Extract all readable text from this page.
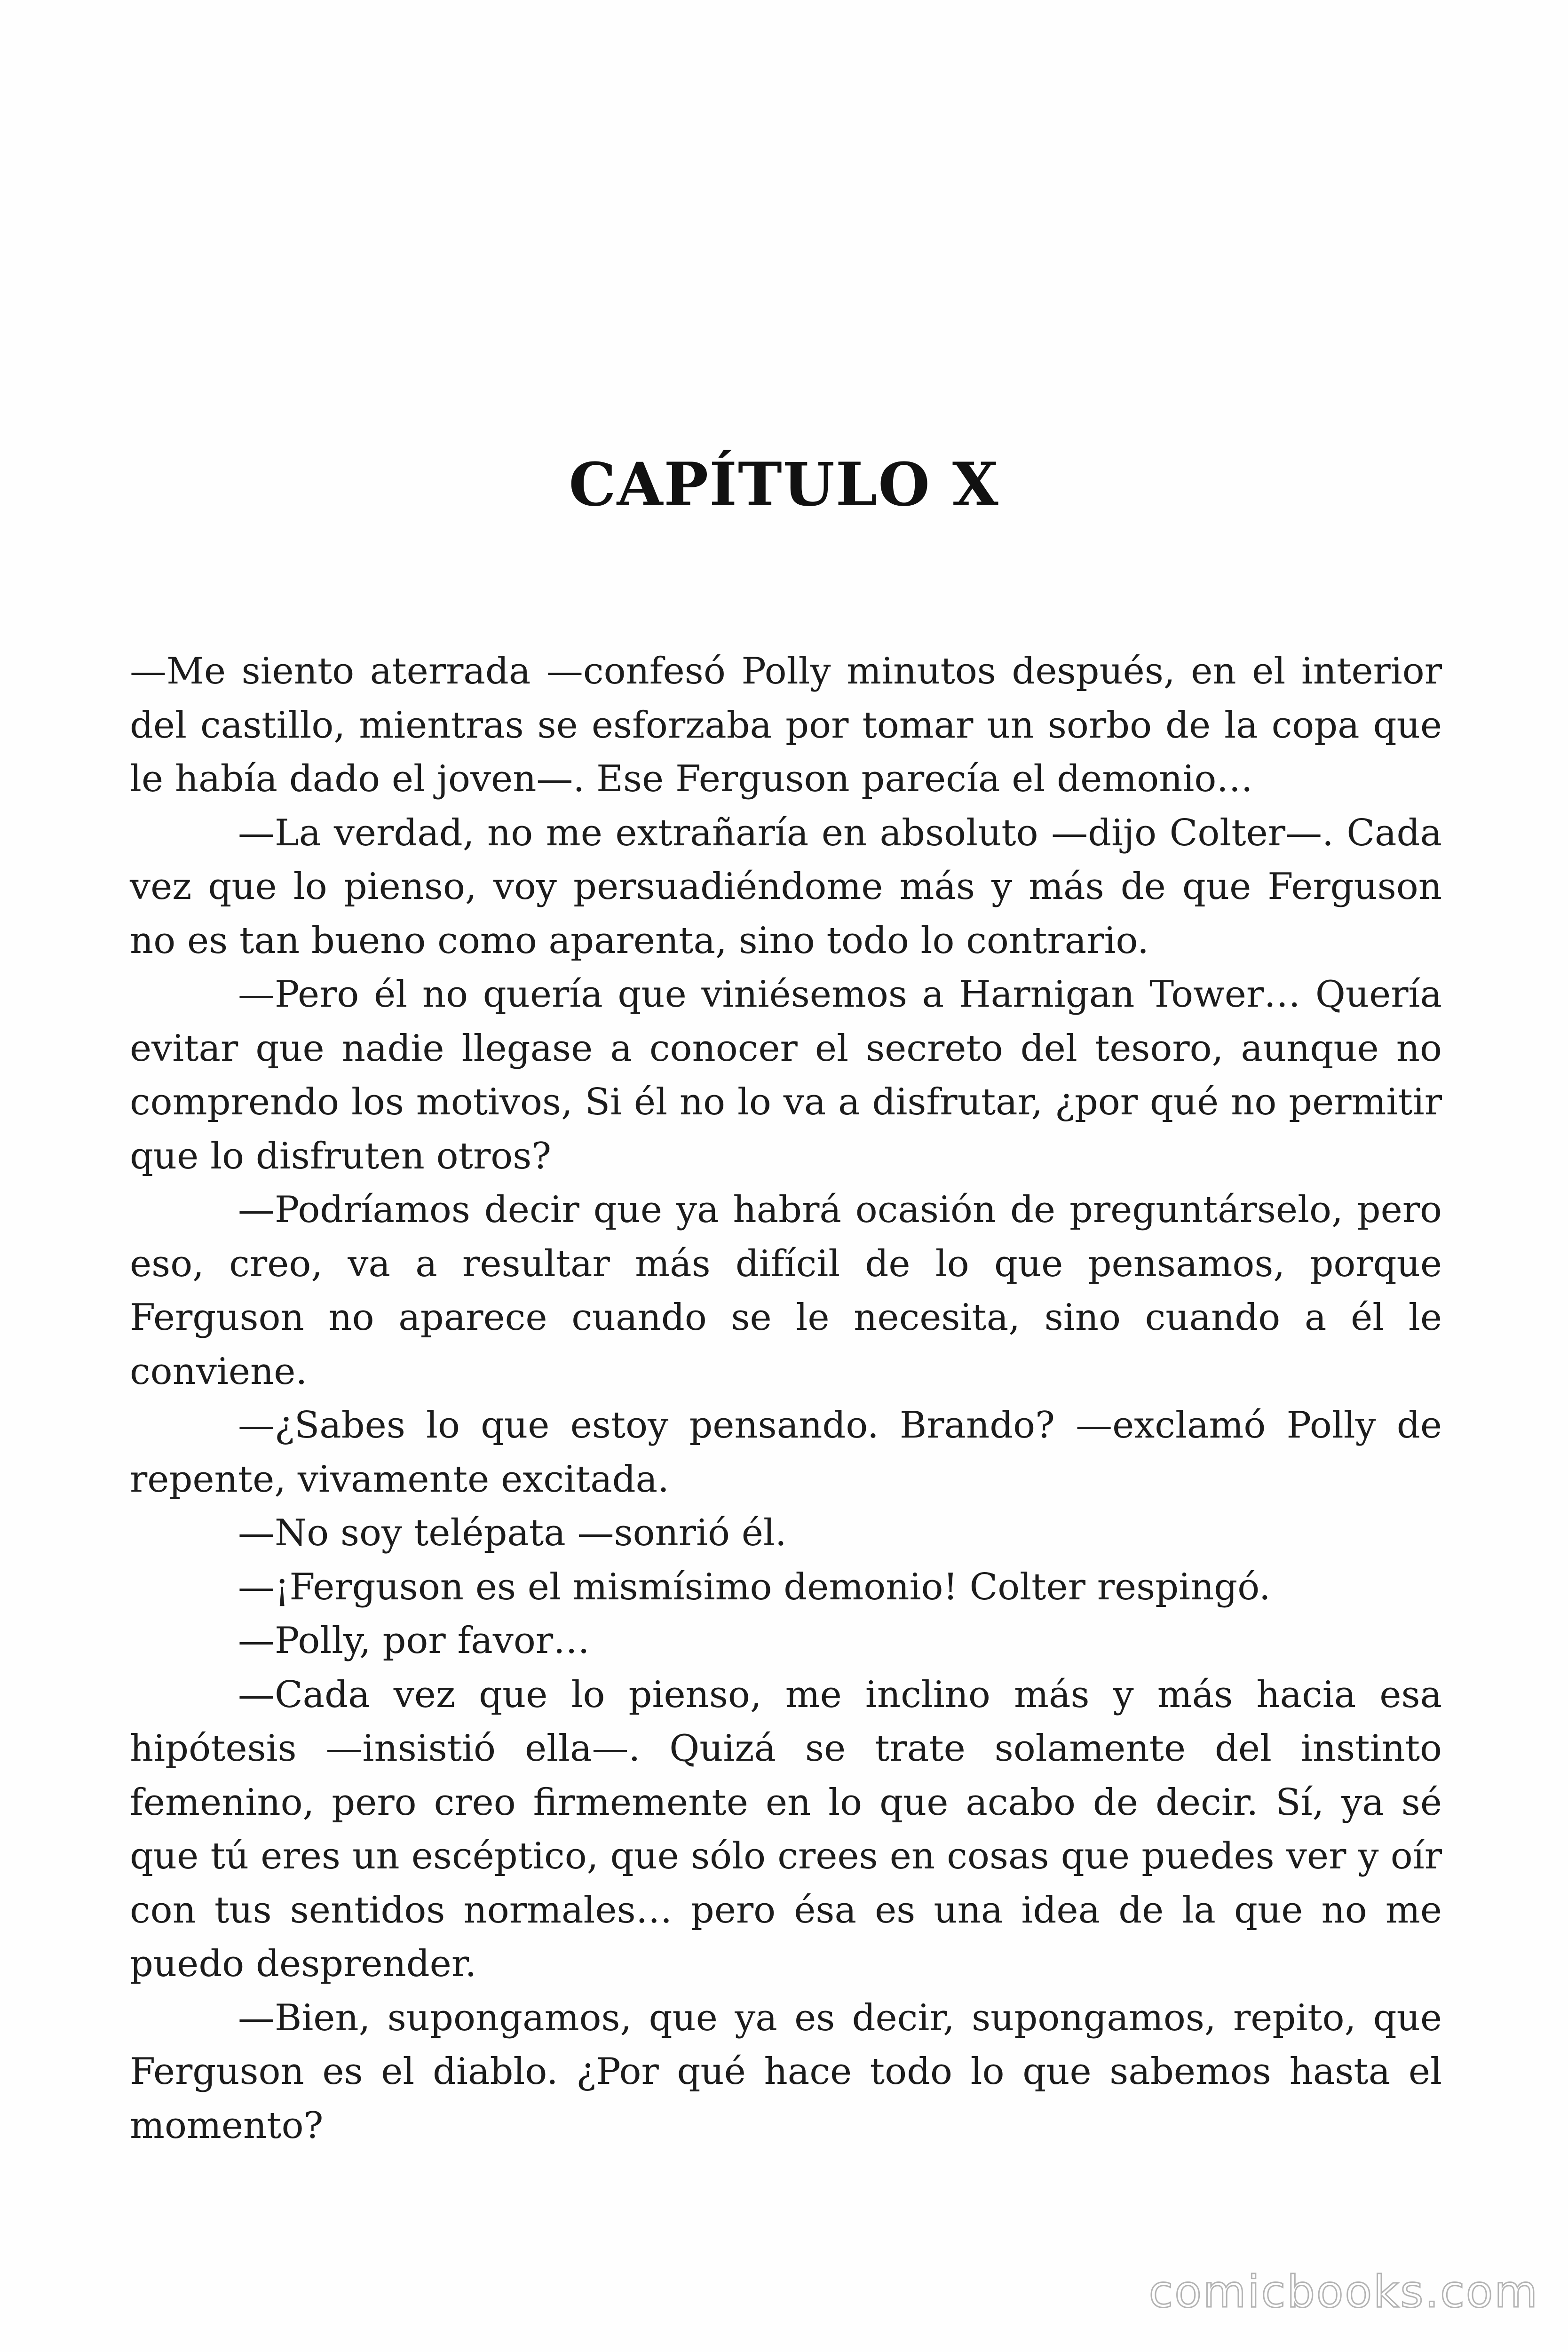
CAPÍTULO X

—Me siento aterrada —confesó Polly minutos después, en el interior del castillo, mientras se esforzaba por tomar un sorbo de la copa que le había dado el joven—. Ese Ferguson parecía el demonio…

—La verdad, no me extrañaría en absoluto —dijo Colter—. Cada vez que lo pienso, voy persuadiéndome más y más de que Ferguson no es tan bueno como aparenta, sino todo lo contrario.

—Pero él no quería que viniésemos a Harnigan Tower… Quería evitar que nadie llegase a conocer el secreto del tesoro, aunque no comprendo los motivos, Si él no lo va a disfrutar, ¿por qué no permitir que lo disfruten otros?

—Podríamos decir que ya habrá ocasión de preguntárselo, pero eso, creo, va a resultar más difícil de lo que pensamos, porque Ferguson no aparece cuando se le necesita, sino cuando a él le conviene.

—¿Sabes lo que estoy pensando. Brando? —exclamó Polly de repente, vivamente excitada.

—No soy telépata —sonrió él.

—¡Ferguson es el mismísimo demonio! Colter respingó.

—Polly, por favor…

—Cada vez que lo pienso, me inclino más y más hacia esa hipótesis —insistió ella—. Quizá se trate solamente del instinto femenino, pero creo firmemente en lo que acabo de decir. Sí, ya sé que tú eres un escéptico, que sólo crees en cosas que puedes ver y oír con tus sentidos normales… pero ésa es una idea de la que no me puedo desprender.

—Bien, supongamos, que ya es decir, supongamos, repito, que Ferguson es el diablo. ¿Por qué hace todo lo que sabemos hasta el momento?

comicbooks.com
